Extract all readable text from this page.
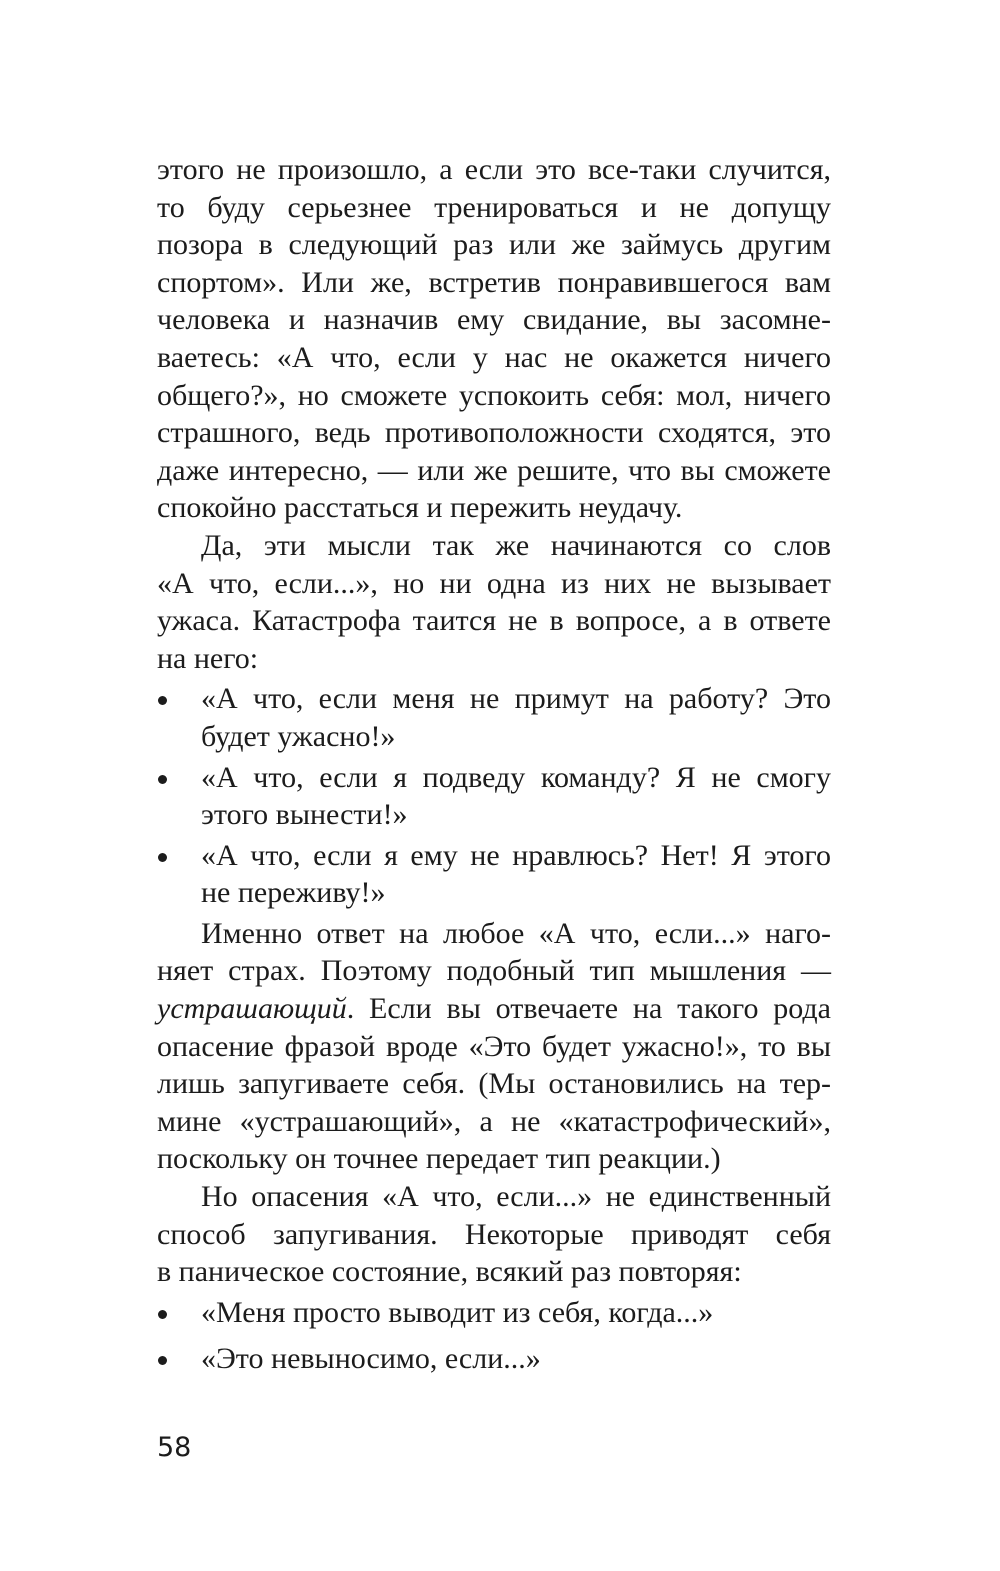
этого не произошло, а если это все-таки случится,
то буду серьезнее тренироваться и не допущу
позора в следующий раз или же займусь другим
спортом». Или же, встретив понравившегося вам
человека и назначив ему свидание, вы засомне-
ваетесь: «А что, если у нас не окажется ничего
общего?», но сможете успокоить себя: мол, ничего
страшного, ведь противоположности сходятся, это
даже интересно, — или же решите, что вы сможете
спокойно расстаться и пережить неудачу.
Да, эти мысли так же начинаются со слов
«А что, если...», но ни одна из них не вызывает
ужаса. Катастрофа таится не в вопросе, а в ответе
на него:
«А что, если меня не примут на работу? Это
будет ужасно!»
«А что, если я подведу команду? Я не смогу
этого вынести!»
«А что, если я ему не нравлюсь? Нет! Я этого
не переживу!»
Именно ответ на любое «А что, если...» наго-
няет страх. Поэтому подобный тип мышления —
устрашающий. Если вы отвечаете на такого рода
опасение фразой вроде «Это будет ужасно!», то вы
лишь запугиваете себя. (Мы остановились на тер-
мине «устрашающий», а не «катастрофический»,
поскольку он точнее передает тип реакции.)
Но опасения «А что, если...» не единственный
способ запугивания. Некоторые приводят себя
в паническое состояние, всякий раз повторяя:
«Меня просто выводит из себя, когда...»
«Это невыносимо, если...»
58
